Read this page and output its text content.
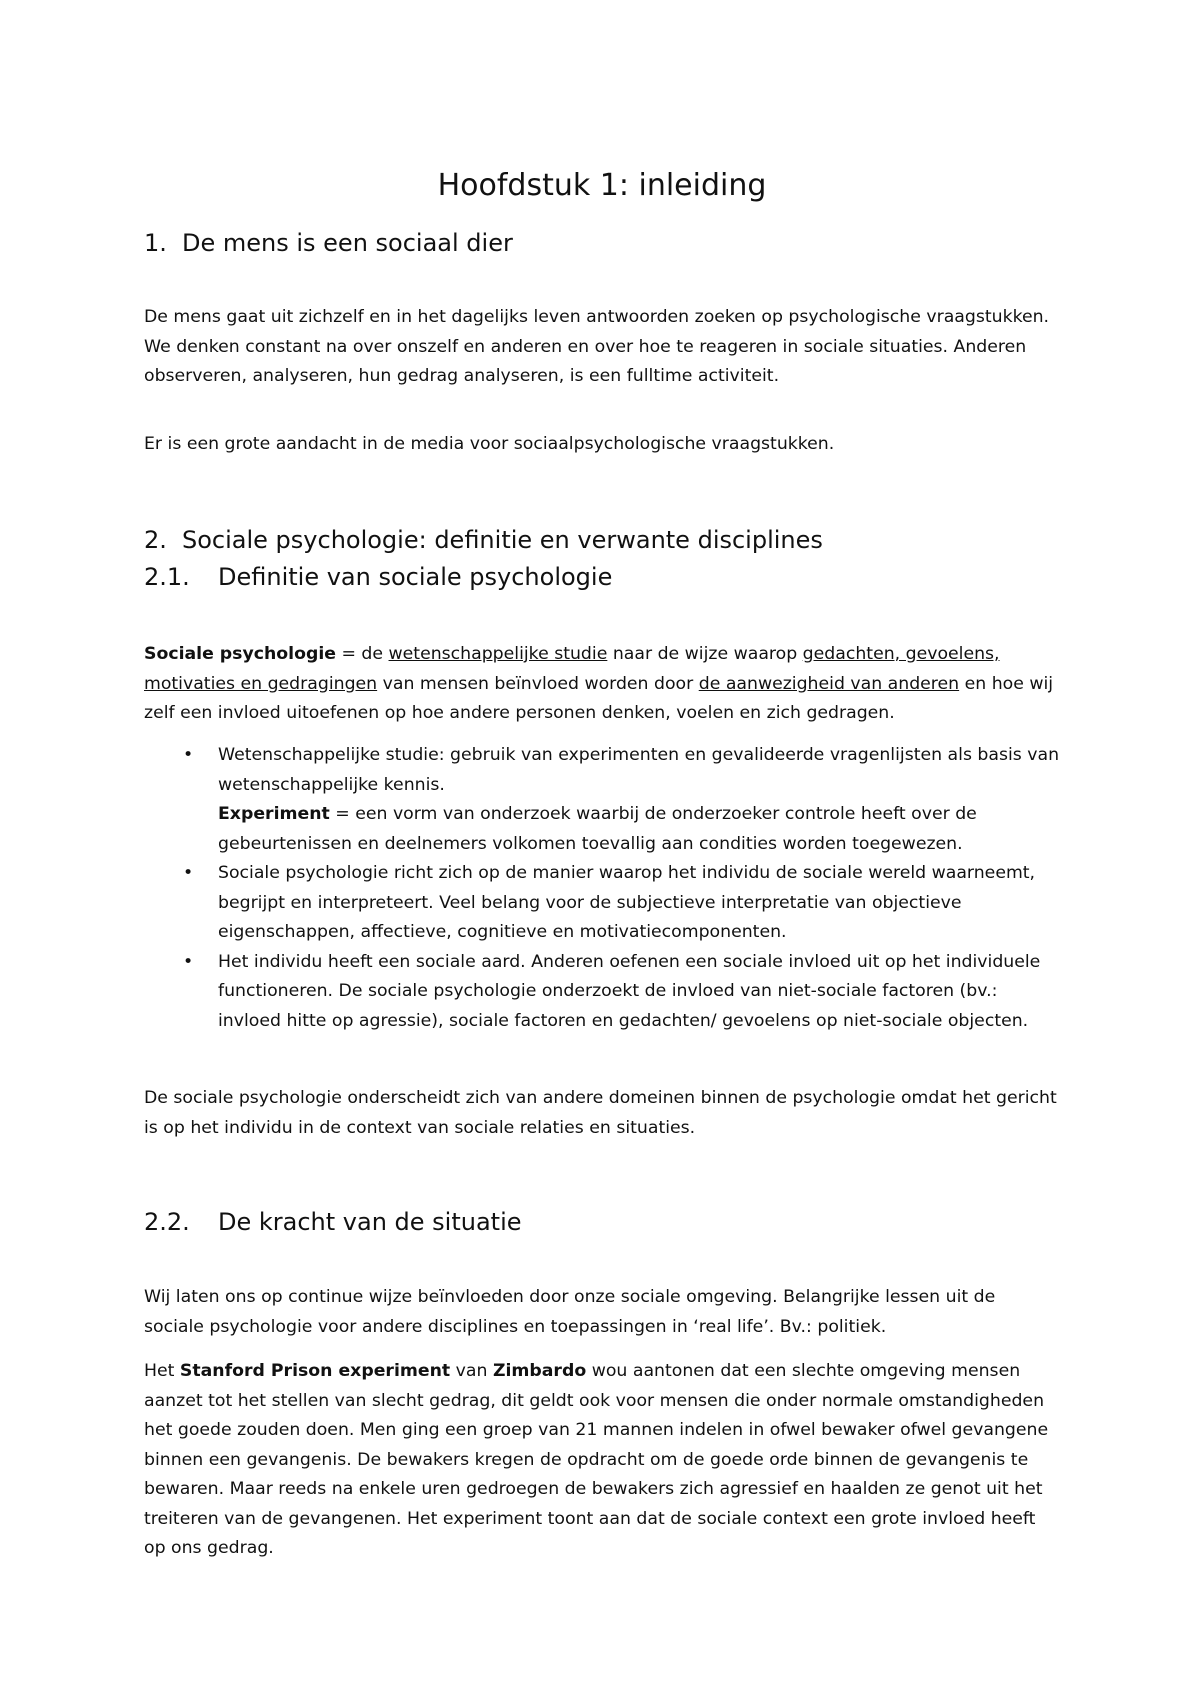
Hoofdstuk 1: inleiding
1. De mens is een sociaal dier

De mens gaat uit zichzelf en in het dagelijks leven antwoorden zoeken op psychologische vraagstukken. We denken constant na over onszelf en anderen en over hoe te reageren in sociale situaties. Anderen observeren, analyseren, hun gedrag analyseren, is een fulltime activiteit.

Er is een grote aandacht in de media voor sociaalpsychologische vraagstukken.

2. Sociale psychologie: definitie en verwante disciplines
2.1. Definitie van sociale psychologie

Sociale psychologie = de wetenschappelijke studie naar de wijze waarop gedachten, gevoelens, motivaties en gedragingen van mensen beïnvloed worden door de aanwezigheid van anderen en hoe wij zelf een invloed uitoefenen op hoe andere personen denken, voelen en zich gedragen.

• Wetenschappelijke studie: gebruik van experimenten en gevalideerde vragenlijsten als basis van wetenschappelijke kennis.
Experiment = een vorm van onderzoek waarbij de onderzoeker controle heeft over de gebeurtenissen en deelnemers volkomen toevallig aan condities worden toegewezen.
• Sociale psychologie richt zich op de manier waarop het individu de sociale wereld waarneemt, begrijpt en interpreteert. Veel belang voor de subjectieve interpretatie van objectieve eigenschappen, affectieve, cognitieve en motivatiecomponenten.
• Het individu heeft een sociale aard. Anderen oefenen een sociale invloed uit op het individuele functioneren. De sociale psychologie onderzoekt de invloed van niet-sociale factoren (bv.: invloed hitte op agressie), sociale factoren en gedachten/ gevoelens op niet-sociale objecten.

De sociale psychologie onderscheidt zich van andere domeinen binnen de psychologie omdat het gericht is op het individu in de context van sociale relaties en situaties.

2.2. De kracht van de situatie

Wij laten ons op continue wijze beïnvloeden door onze sociale omgeving. Belangrijke lessen uit de sociale psychologie voor andere disciplines en toepassingen in ‘real life’. Bv.: politiek.

Het Stanford Prison experiment van Zimbardo wou aantonen dat een slechte omgeving mensen aanzet tot het stellen van slecht gedrag, dit geldt ook voor mensen die onder normale omstandigheden het goede zouden doen. Men ging een groep van 21 mannen indelen in ofwel bewaker ofwel gevangene binnen een gevangenis. De bewakers kregen de opdracht om de goede orde binnen de gevangenis te bewaren. Maar reeds na enkele uren gedroegen de bewakers zich agressief en haalden ze genot uit het treiteren van de gevangenen. Het experiment toont aan dat de sociale context een grote invloed heeft op ons gedrag.
